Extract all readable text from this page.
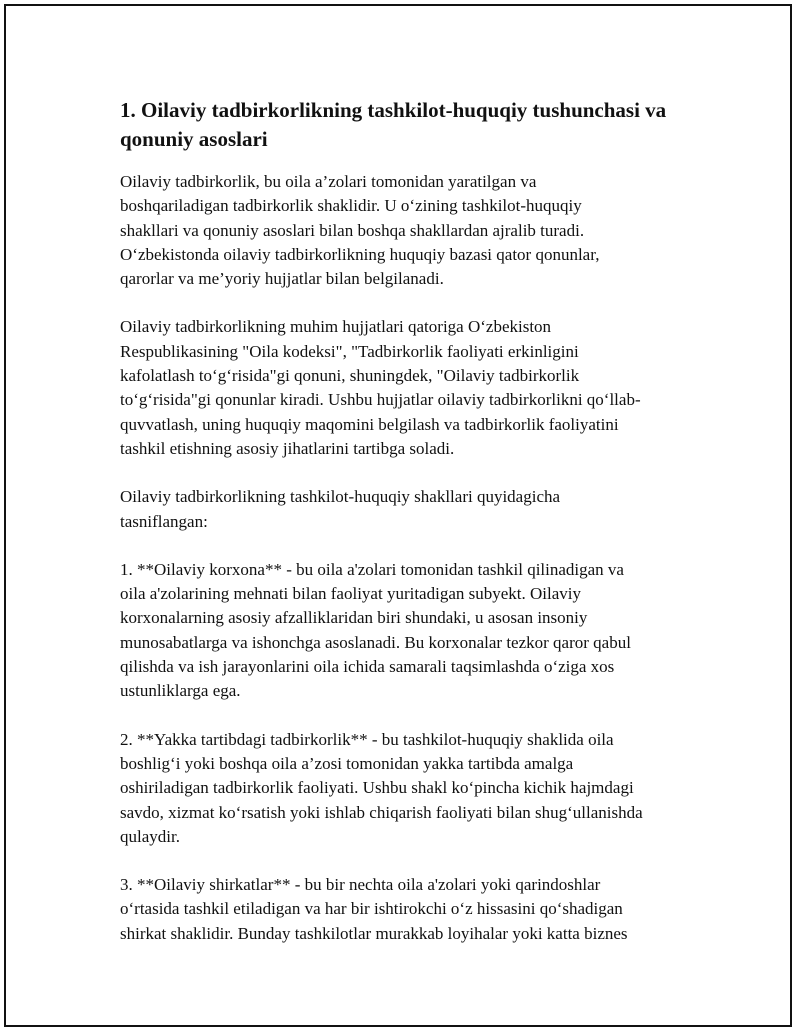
1. Oilaviy tadbirkorlikning tashkilot-huquqiy tushunchasi va qonuniy asoslari

Oilaviy tadbirkorlik, bu oila a’zolari tomonidan yaratilgan va
boshqariladigan tadbirkorlik shaklidir. U o‘zining tashkilot-huquqiy
shakllari va qonuniy asoslari bilan boshqa shakllardan ajralib turadi.
O‘zbekistonda oilaviy tadbirkorlikning huquqiy bazasi qator qonunlar,
qarorlar va me’yoriy hujjatlar bilan belgilanadi.

Oilaviy tadbirkorlikning muhim hujjatlari qatoriga O‘zbekiston
Respublikasining "Oila kodeksi", "Tadbirkorlik faoliyati erkinligini
kafolatlash to‘g‘risida"gi qonuni, shuningdek, "Oilaviy tadbirkorlik
to‘g‘risida"gi qonunlar kiradi. Ushbu hujjatlar oilaviy tadbirkorlikni qo‘llab-
quvvatlash, uning huquqiy maqomini belgilash va tadbirkorlik faoliyatini
tashkil etishning asosiy jihatlarini tartibga soladi.

Oilaviy tadbirkorlikning tashkilot-huquqiy shakllari quyidagicha
tasniflangan:

1. **Oilaviy korxona** - bu oila a'zolari tomonidan tashkil qilinadigan va
oila a'zolarining mehnati bilan faoliyat yuritadigan subyekt. Oilaviy
korxonalarning asosiy afzalliklaridan biri shundaki, u asosan insoniy
munosabatlarga va ishonchga asoslanadi. Bu korxonalar tezkor qaror qabul
qilishda va ish jarayonlarini oila ichida samarali taqsimlashda o‘ziga xos
ustunliklarga ega.

2. **Yakka tartibdagi tadbirkorlik** - bu tashkilot-huquqiy shaklida oila
boshlig‘i yoki boshqa oila a’zosi tomonidan yakka tartibda amalga
oshiriladigan tadbirkorlik faoliyati. Ushbu shakl ko‘pincha kichik hajmdagi
savdo, xizmat ko‘rsatish yoki ishlab chiqarish faoliyati bilan shug‘ullanishda
qulaydir.

3. **Oilaviy shirkatlar** - bu bir nechta oila a'zolari yoki qarindoshlar
o‘rtasida tashkil etiladigan va har bir ishtirokchi o‘z hissasini qo‘shadigan
shirkat shaklidir. Bunday tashkilotlar murakkab loyihalar yoki katta biznes
